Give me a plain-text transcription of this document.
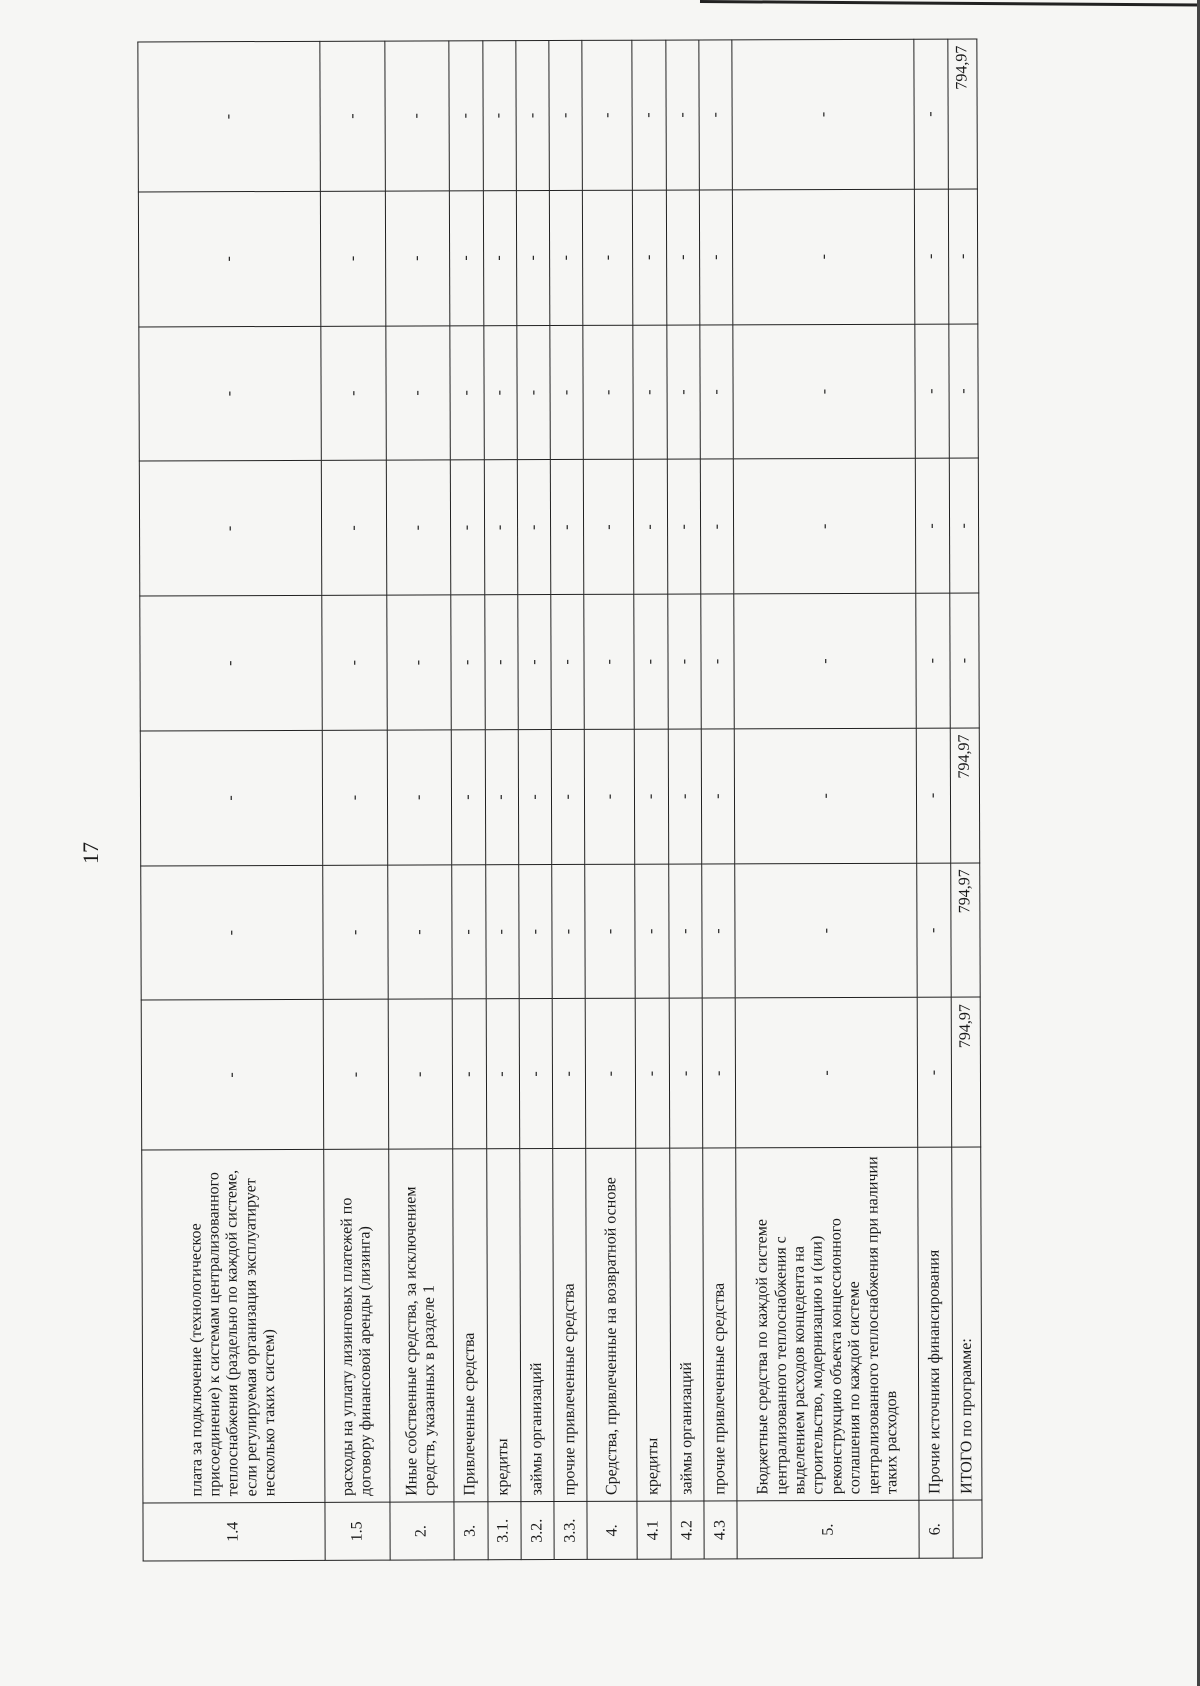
17
1.4	плата за подключение (технологическое присоединение) к системам централизованного теплоснабжения (раздельно по каждой системе, если регулируемая организация эксплуатирует несколько таких систем)	-	-	-	-	-	-	-	-
1.5	расходы на уплату лизинговых платежей по договору финансовой аренды (лизинга)	-	-	-	-	-	-	-	-
2.	Иные собственные средства, за исключением средств, указанных в разделе 1	-	-	-	-	-	-	-	-
3.	Привлеченные средства	-	-	-	-	-	-	-	-
3.1.	кредиты	-	-	-	-	-	-	-	-
3.2.	займы организаций	-	-	-	-	-	-	-	-
3.3.	прочие привлеченные средства	-	-	-	-	-	-	-	-
4.	Средства, привлеченные на возвратной основе	-	-	-	-	-	-	-	-
4.1	кредиты	-	-	-	-	-	-	-	-
4.2	займы организаций	-	-	-	-	-	-	-	-
4.3	прочие привлеченные средства	-	-	-	-	-	-	-	-
5.	Бюджетные средства по каждой системе централизованного теплоснабжения с выделением расходов концедента на строительство, модернизацию и (или) реконструкцию объекта концессионного соглашения по каждой системе централизованного теплоснабжения при наличии таких расходов	-	-	-	-	-	-	-	-
6.	Прочие источники финансирования	-	-	-	-	-	-	-	-
	ИТОГО по программе:	794,97	794,97	794,97	-	-	-	-	794,97
